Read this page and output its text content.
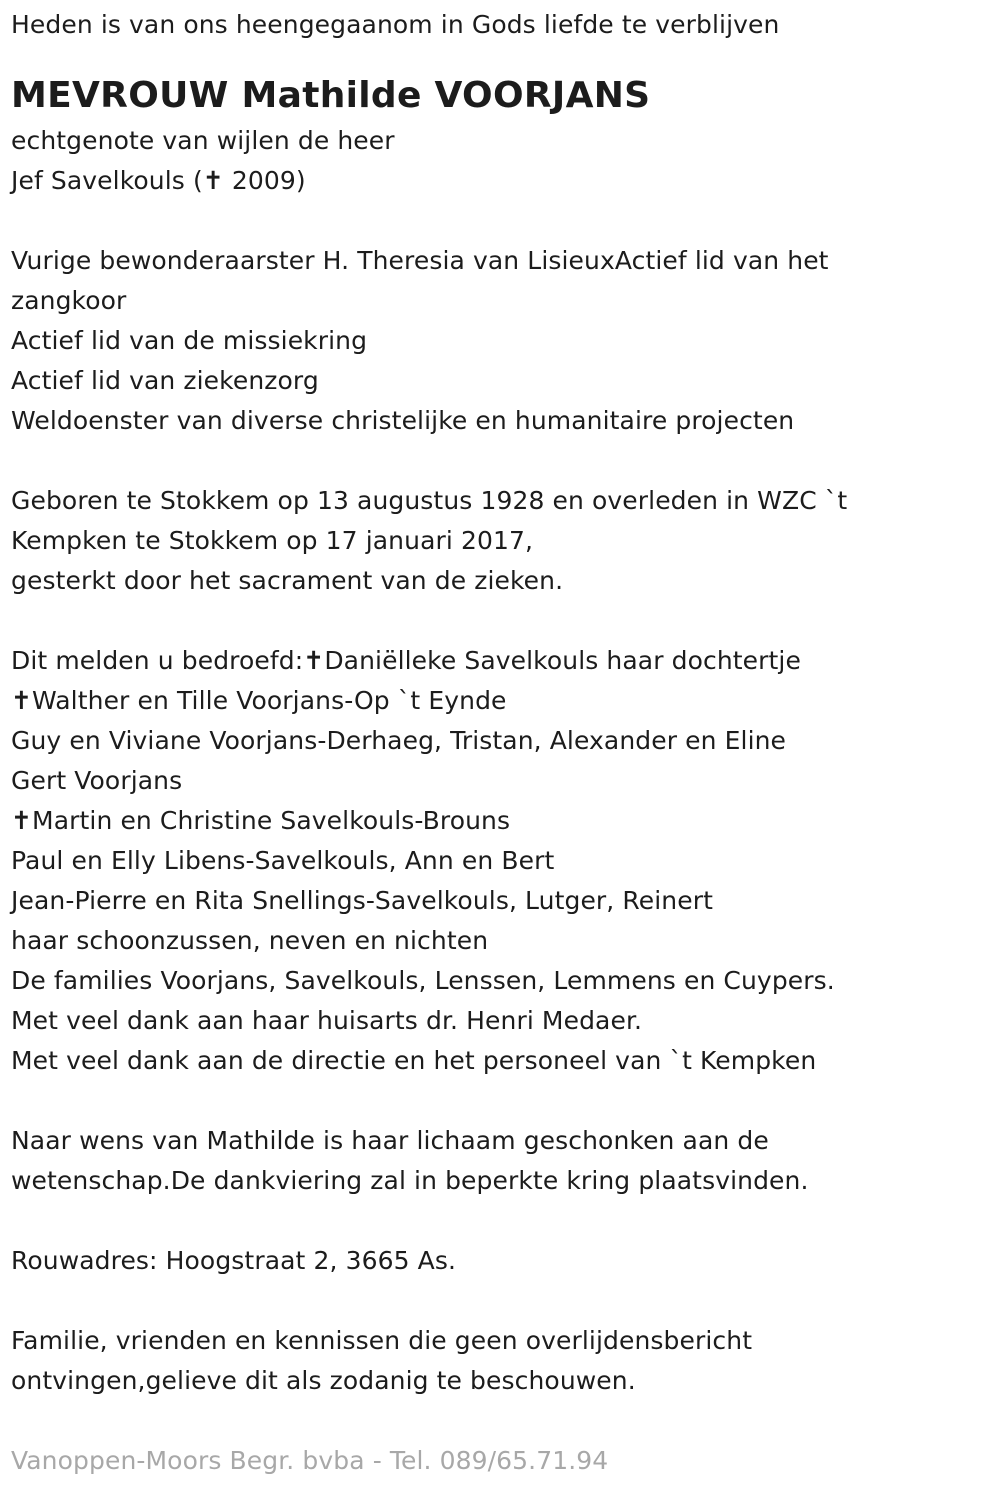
Heden is van ons heengegaanom in Gods liefde te verblijven
MEVROUW Mathilde VOORJANS
echtgenote van wijlen de heer
Jef Savelkouls (✝ 2009)
Vurige bewonderaarster H. Theresia van LisieuxActief lid van het
zangkoor
Actief lid van de missiekring
Actief lid van ziekenzorg
Weldoenster van diverse christelijke en humanitaire projecten
Geboren te Stokkem op 13 augustus 1928 en overleden in WZC `t
Kempken te Stokkem op 17 januari 2017,
gesterkt door het sacrament van de zieken.
Dit melden u bedroefd:✝Daniëlleke Savelkouls haar dochtertje
✝Walther en Tille Voorjans-Op `t Eynde
Guy en Viviane Voorjans-Derhaeg, Tristan, Alexander en Eline
Gert Voorjans
✝Martin en Christine Savelkouls-Brouns
Paul en Elly Libens-Savelkouls, Ann en Bert
Jean-Pierre en Rita Snellings-Savelkouls, Lutger, Reinert
haar schoonzussen, neven en nichten
De families Voorjans, Savelkouls, Lenssen, Lemmens en Cuypers.
Met veel dank aan haar huisarts dr. Henri Medaer.
Met veel dank aan de directie en het personeel van `t Kempken
Naar wens van Mathilde is haar lichaam geschonken aan de
wetenschap.De dankviering zal in beperkte kring plaatsvinden.
Rouwadres: Hoogstraat 2, 3665 As.
Familie, vrienden en kennissen die geen overlijdensbericht
ontvingen,gelieve dit als zodanig te beschouwen.
Vanoppen-Moors Begr. bvba - Tel. 089/65.71.94
